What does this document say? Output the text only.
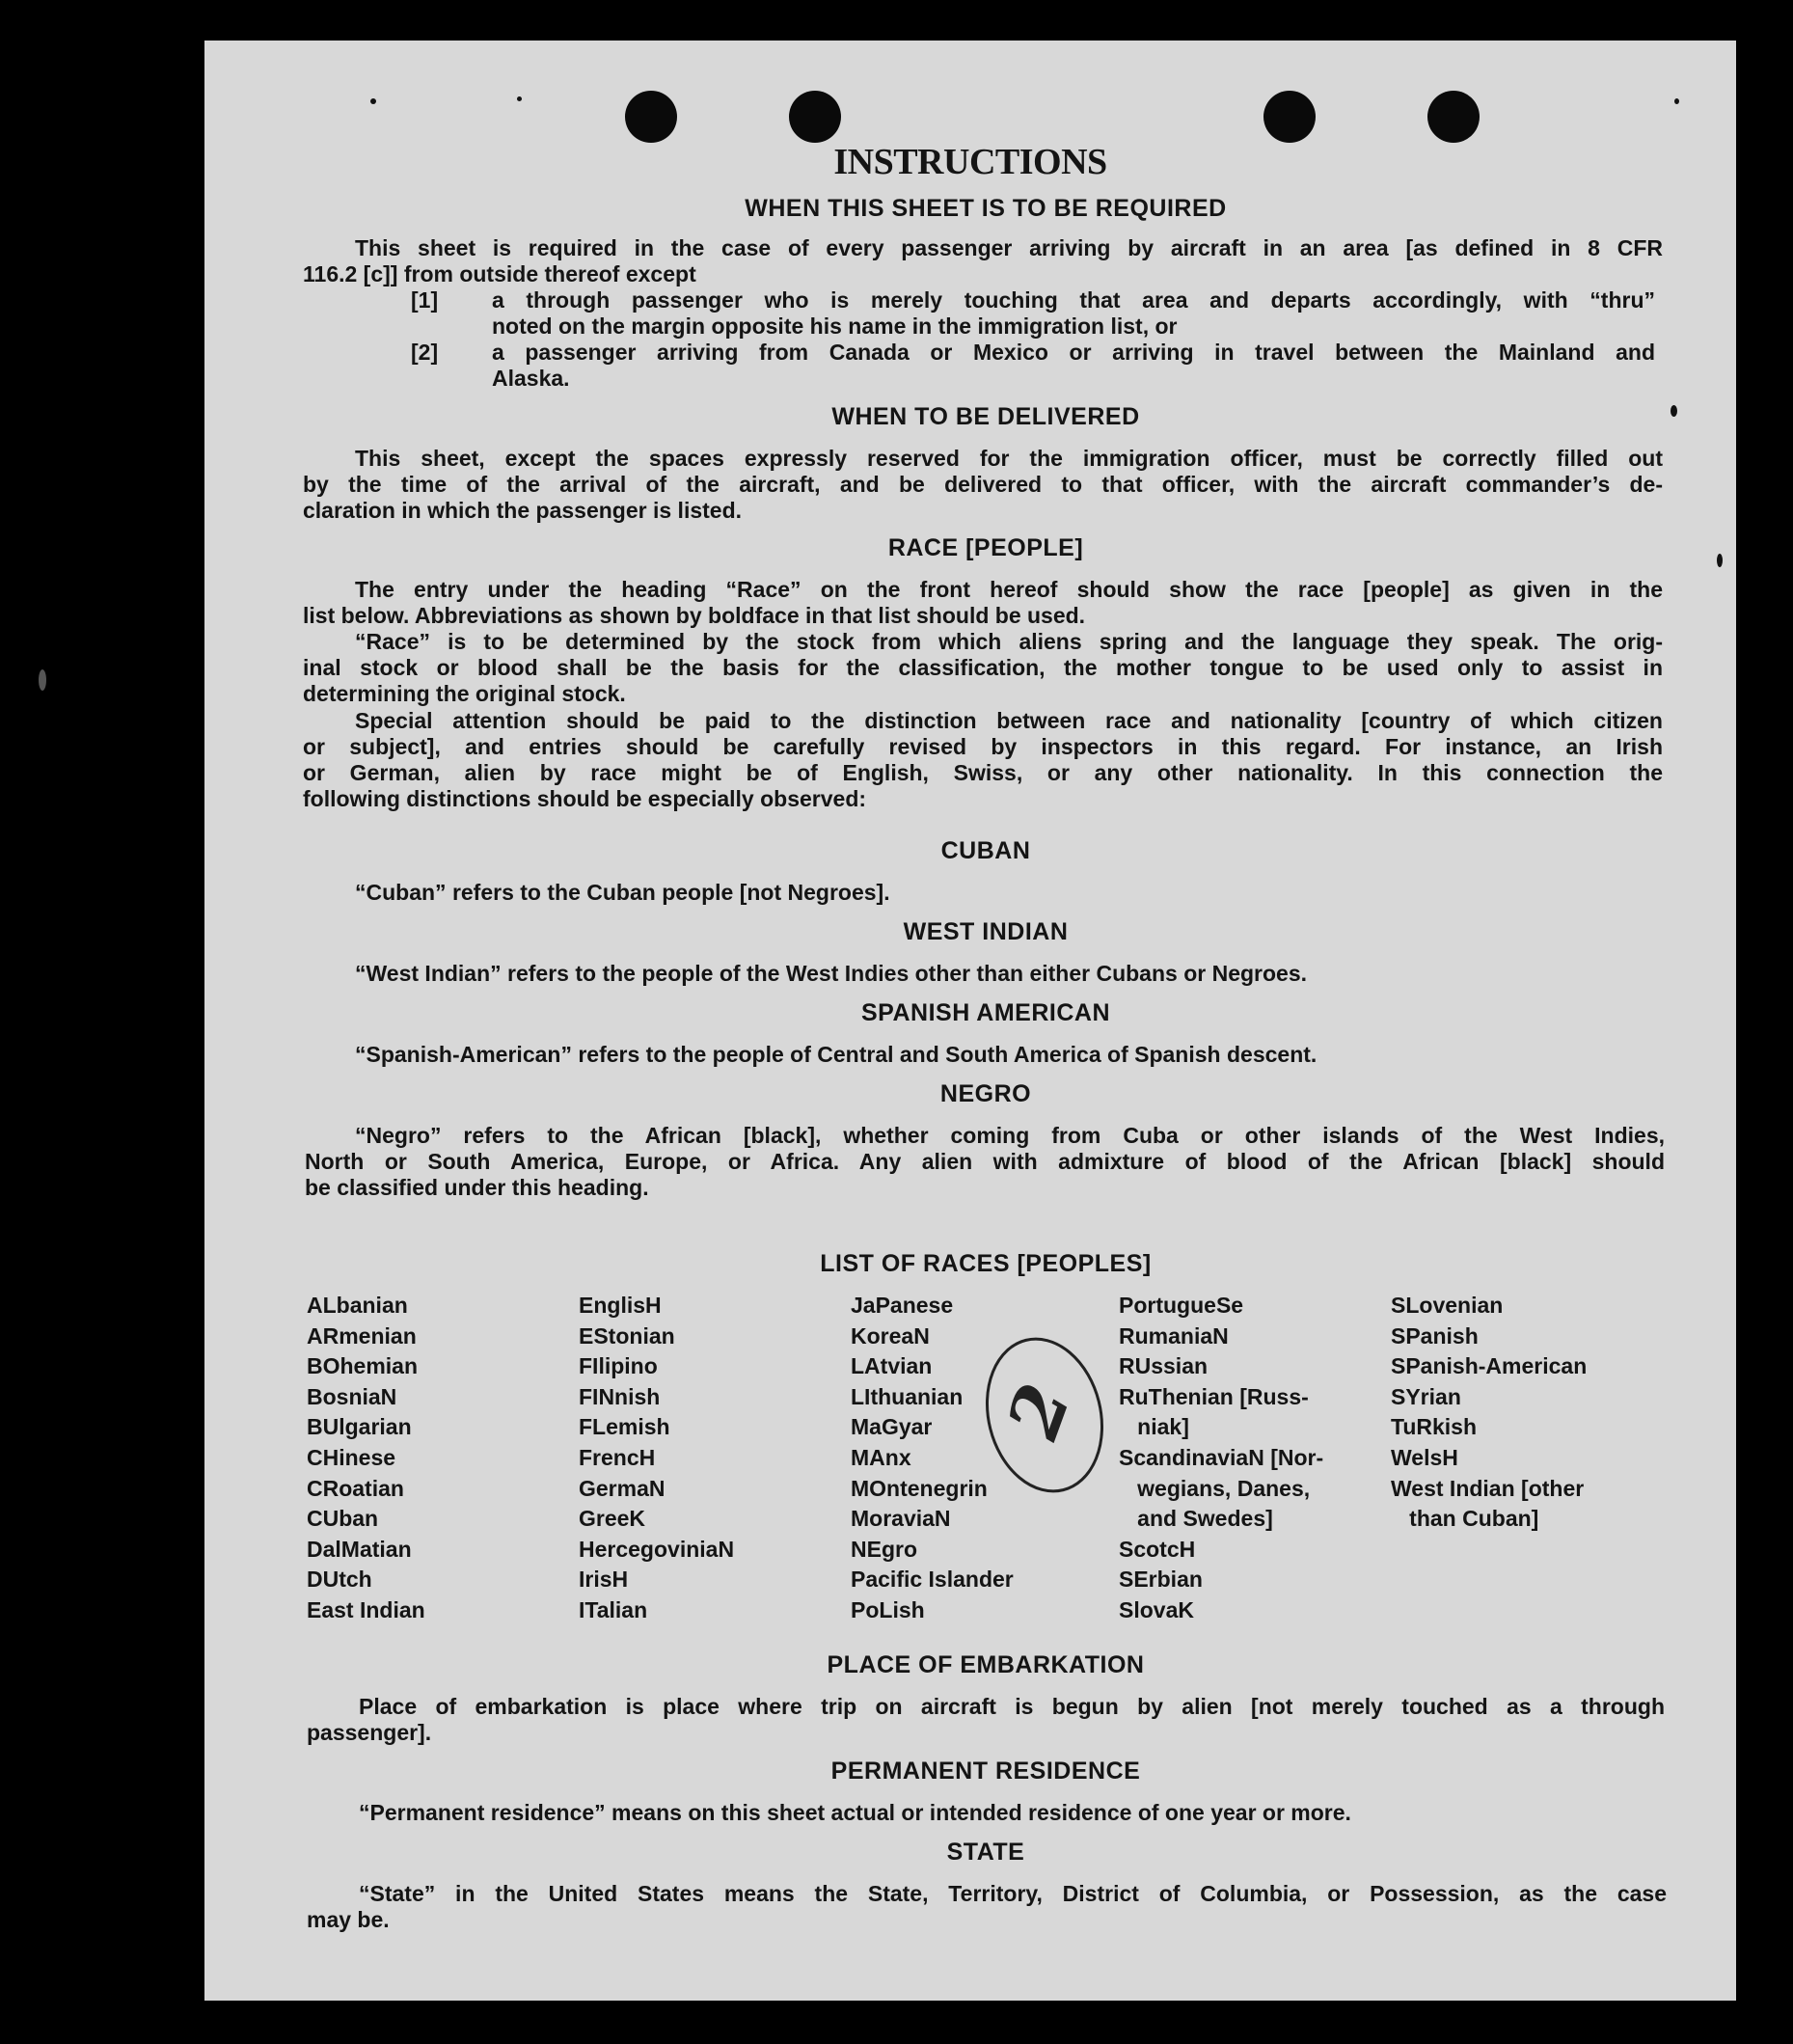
INSTRUCTIONS
WHEN THIS SHEET IS TO BE REQUIRED
This sheet is required in the case of every passenger arriving by aircraft in an area [as defined in 8 CFR
116.2 [c]] from outside thereof except
[1] a through passenger who is merely touching that area and departs accordingly, with “thru”
noted on the margin opposite his name in the immigration list, or
[2] a passenger arriving from Canada or Mexico or arriving in travel between the Mainland and
Alaska.
WHEN TO BE DELIVERED
This sheet, except the spaces expressly reserved for the immigration officer, must be correctly filled out
by the time of the arrival of the aircraft, and be delivered to that officer, with the aircraft commander’s de-
claration in which the passenger is listed.
RACE [PEOPLE]
The entry under the heading “Race” on the front hereof should show the race [people] as given in the
list below. Abbreviations as shown by boldface in that list should be used.
“Race” is to be determined by the stock from which aliens spring and the language they speak. The orig-
inal stock or blood shall be the basis for the classification, the mother tongue to be used only to assist in
determining the original stock.
Special attention should be paid to the distinction between race and nationality [country of which citizen
or subject], and entries should be carefully revised by inspectors in this regard. For instance, an Irish
or German, alien by race might be of English, Swiss, or any other nationality. In this connection the
following distinctions should be especially observed:
CUBAN
“Cuban” refers to the Cuban people [not Negroes].
WEST INDIAN
“West Indian” refers to the people of the West Indies other than either Cubans or Negroes.
SPANISH AMERICAN
“Spanish-American” refers to the people of Central and South America of Spanish descent.
NEGRO
“Negro” refers to the African [black], whether coming from Cuba or other islands of the West Indies,
North or South America, Europe, or Africa. Any alien with admixture of blood of the African [black] should
be classified under this heading.
LIST OF RACES [PEOPLES]
ALbanian
ARmenian
BOhemian
BosniaN
BUlgarian
CHinese
CRoatian
CUban
DalMatian
DUtch
East Indian
EnglisH
EStonian
FIlipino
FINnish
FLemish
FrencH
GermaN
GreeK
HercegoviniaN
IrisH
ITalian
JaPanese
KoreaN
LAtvian
LIthuanian
MaGyar
MAnx
MOntenegrin
MoraviaN
NEgro
Pacific Islander
PoLish
PortugueSe
RumaniaN
RUssian
RuThenian [Russ-
niak]
ScandinaviaN [Nor-
wegians, Danes,
and Swedes]
ScotcH
SErbian
SlovaK
SLovenian
SPanish
SPanish-American
SYrian
TuRkish
WelsH
West Indian [other
than Cuban]
2
PLACE OF EMBARKATION
Place of embarkation is place where trip on aircraft is begun by alien [not merely touched as a through
passenger].
PERMANENT RESIDENCE
“Permanent residence” means on this sheet actual or intended residence of one year or more.
STATE
“State” in the United States means the State, Territory, District of Columbia, or Possession, as the case
may be.
